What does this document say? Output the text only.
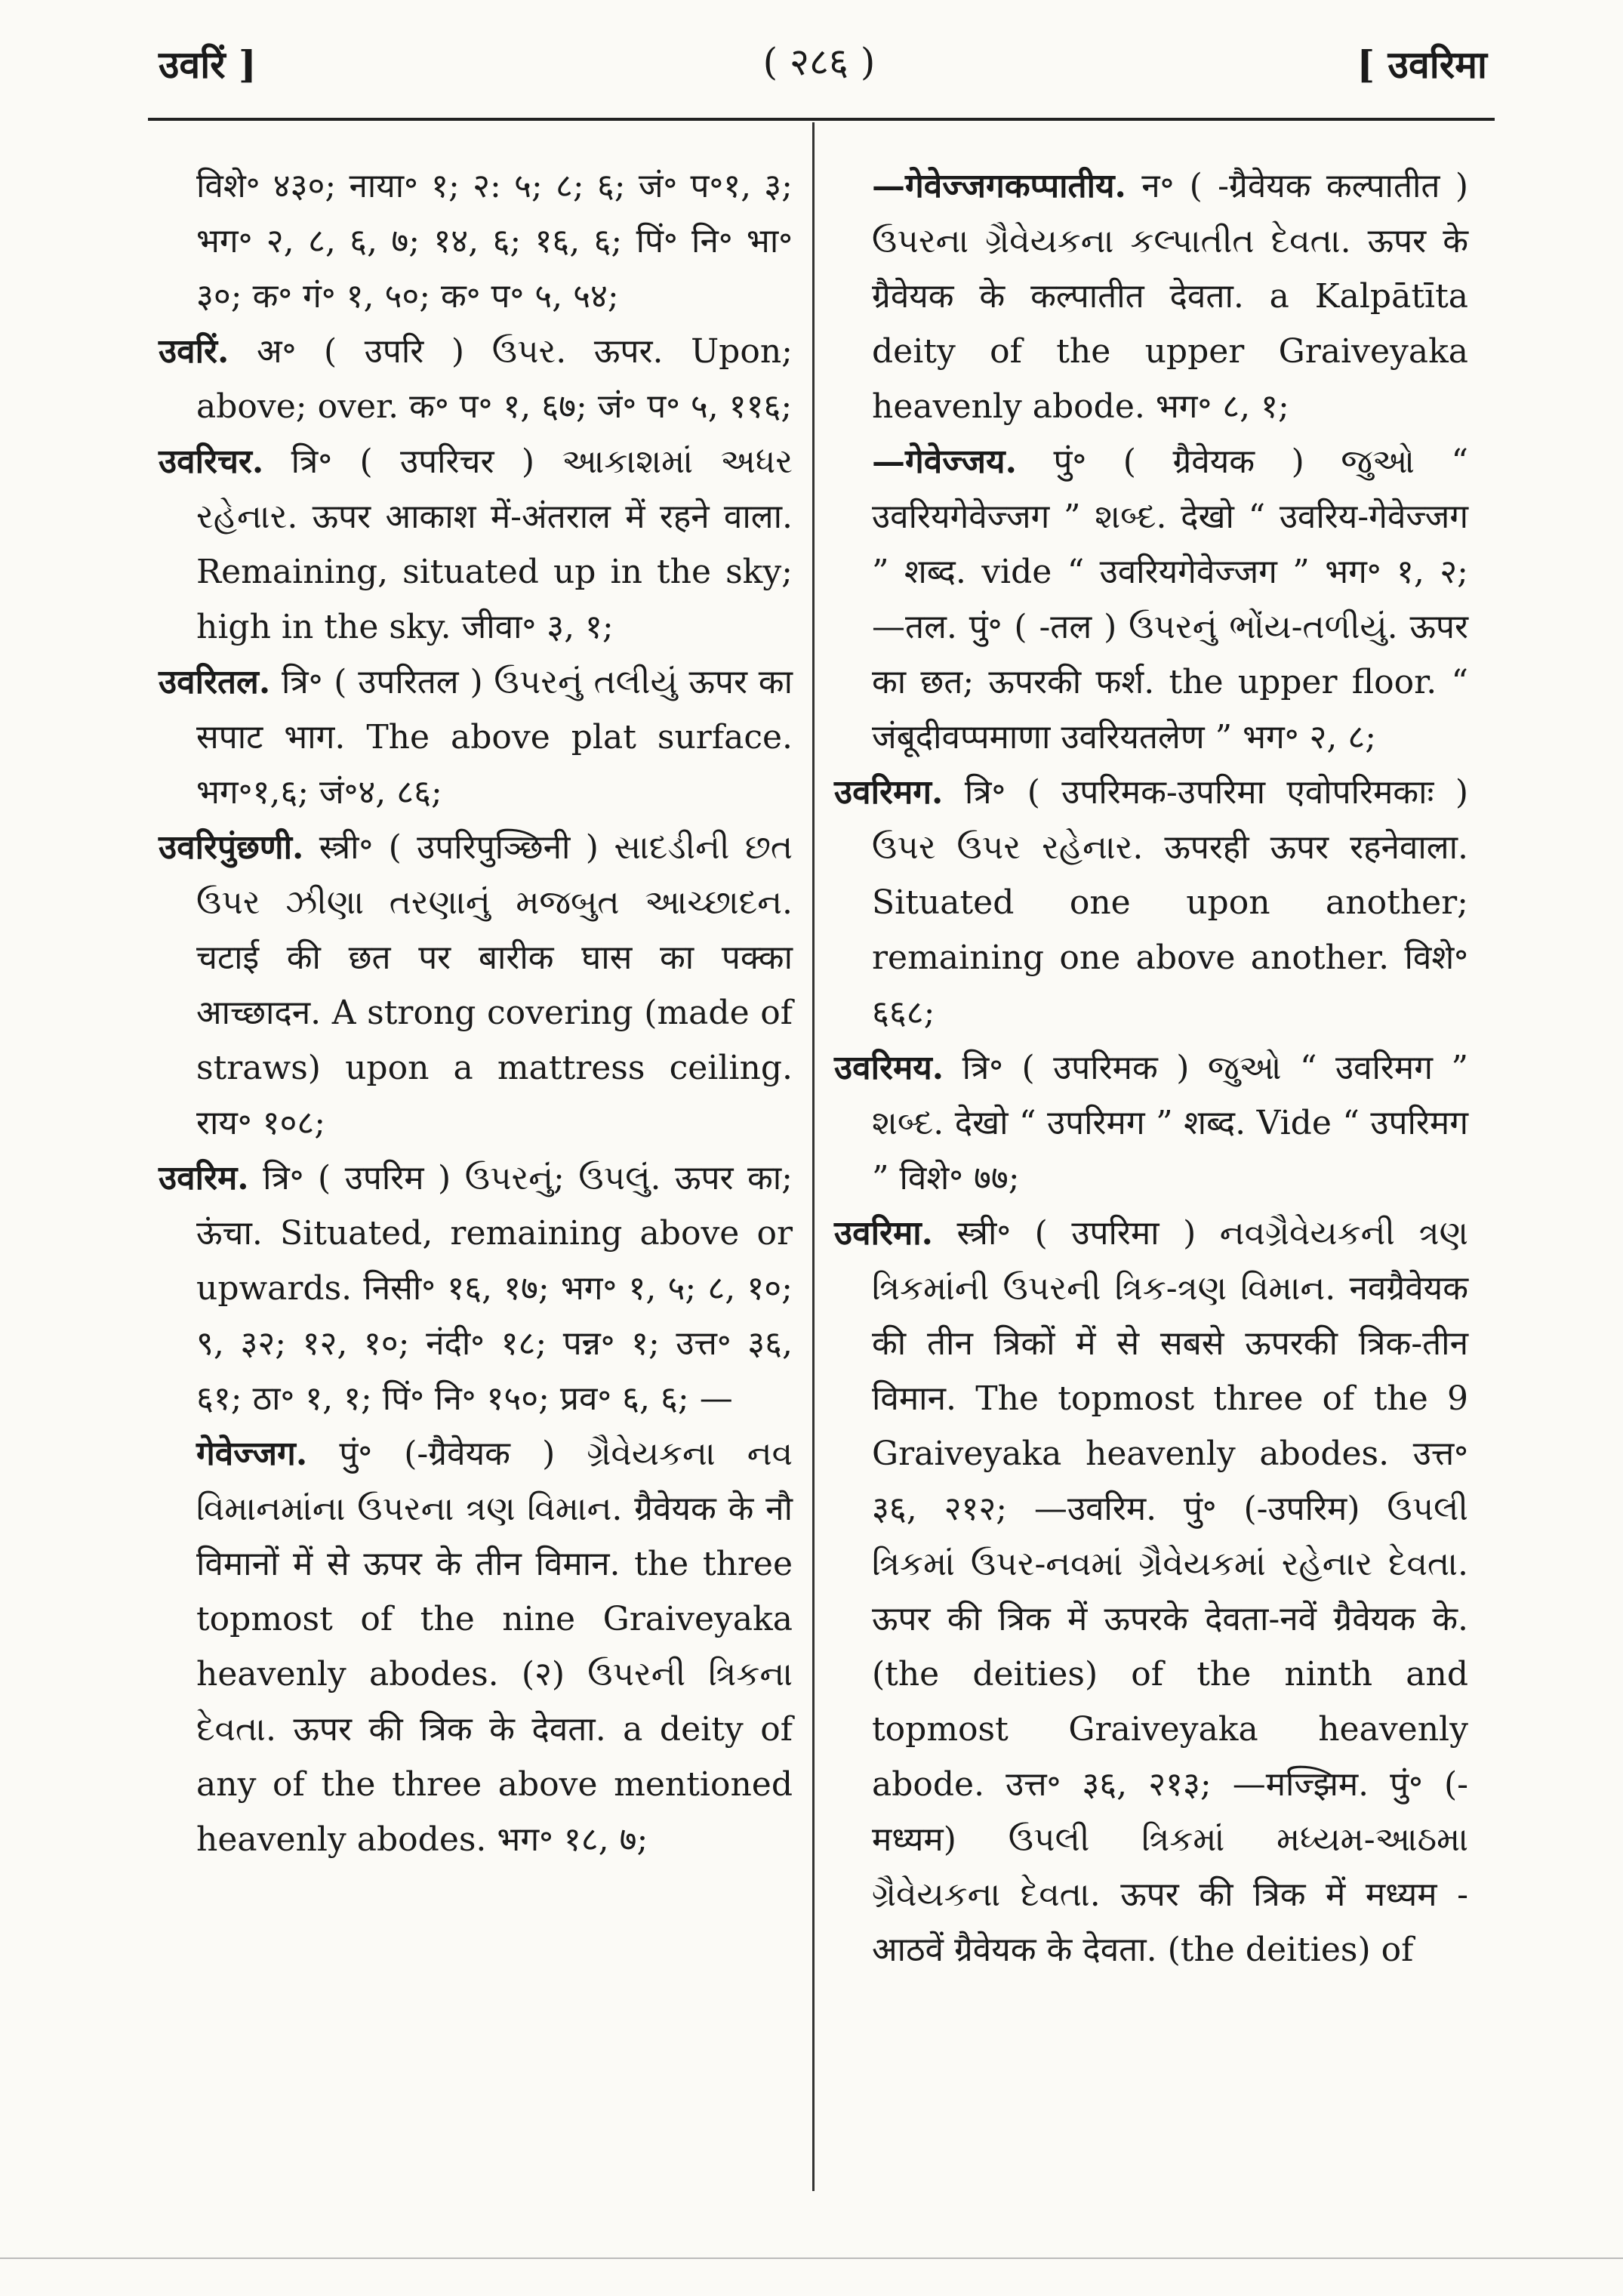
उवरिं ]	( २८६ )	[ उवरिमा

विशे॰ ४३०; नाया॰ १; २: ५; ८; ६; जं॰ प॰१, ३; भग॰ २, ८, ६, ७; १४, ६; १६, ६; पिं॰ नि॰ भा॰ ३०; क॰ गं॰ १, ५०; क॰ प॰ ५, ५४;

उवरिं. अ॰ ( उपरि ) ઉપર. ऊपर. Upon; above; over. क॰ प॰ १, ६७; जं॰ प॰ ५, ११६;

उवरिचर. त्रि॰ ( उपरिचर ) આકાશમાં અધર રહેનાર. ऊपर आकाश में-अंतराल में रहने वाला. Remaining, situated up in the sky; high in the sky. जीवा॰ ३, १;

उवरितल. त्रि॰ ( उपरितल ) ઉપરનું તલીયું ऊपर का सपाट भाग. The above plat surface. भग॰१,६; जं॰४, ८६;

उवरिपुंछणी. स्त्री॰ ( उपरिपुञ्छिनी ) સાદડીની છત ઉપર ઝીણા તરણાનું મજબુત આચ્છાદન. चटाई की छत पर बारीक घास का पक्का आच्छादन. A strong covering (made of straws) upon a mattress ceiling. राय॰ १०८;

उवरिम. त्रि॰ ( उपरिम ) ઉપરનું; ઉપલું. ऊपर का; ऊंचा. Situated, remaining above or upwards. निसी॰ १६, १७; भग॰ १, ५; ८, १०; ९, ३२; १२, १०; नंदी॰ १८; पन्न॰ १; उत्त॰ ३६, ६१; ठा॰ १, १; पिं॰ नि॰ १५०; प्रव॰ ६, ६; —

गेवेज्जग. पुं॰ (-ग्रैवेयक ) ગ્રૈવેયકના નવ વિમાનમાંના ઉપરના ત્રણ વિમાન. ग्रैवेयक के नौ विमानों में से ऊपर के तीन विमान. the three topmost of the nine Graiveyaka heavenly abodes. (२) ઉપરની ત્રિકના દેવતા. ऊपर की त्रिक के देवता. a deity of any of the three above mentioned heavenly abodes. भग॰ १८, ७;

—गेवेज्जगकप्पातीय. न॰ ( -ग्रैवेयक कल्पातीत ) ઉપરના ગ્રૈવેયકના કલ્પાતીત દેવતા. ऊपर के ग्रैवेयक के कल्पातीत देवता. a Kalpātīta deity of the upper Graiveyaka heavenly abode. भग॰ ८, १;

—गेवेज्जय. पुं॰ ( ग्रैवेयक ) જુઓ “ उवरियगेवेज्जग ” શબ્દ. देखो “ उवरिय-गेवेज्जग ” शब्द. vide “ उवरियगेवेज्जग ” भग॰ १, २; —तल. पुं॰ ( -तल ) ઉપરનું ભોંય-તળીયું. ऊपर का छत; ऊपरकी फर्श. the upper floor. “ जंबूदीवप्पमाणा उवरियतलेण ” भग॰ २, ८;

उवरिमग. त्रि॰ ( उपरिमक-उपरिमा एवोपरिमकाः ) ઉપર ઉપર રહેનાર. ऊपरही ऊपर रहनेवाला. Situated one upon another; remaining one above another. विशे॰ ६६८;

उवरिमय. त्रि॰ ( उपरिमक ) જુઓ “ उवरिमग ” શબ્દ. देखो “ उपरिमग ” शब्द. Vide “ उपरिमग ” विशे॰ ७७;

उवरिमा. स्त्री॰ ( उपरिमा ) નવગ્રૈવેયકની ત્રણ ત્રિકમાંની ઉપરની ત્રિક-ત્રણ વિમાન. नवग्रैवेयक की तीन त्रिकों में से सबसे ऊपरकी त्रिक-तीन विमान. The topmost three of the 9 Graiveyaka heavenly abodes. उत्त॰ ३६, २१२; —उवरिम. पुं॰ (-उपरिम) ઉપલી ત્રિકમાં ઉપર-નવમાં ગ્રૈવેયકમાં રહેનાર દેવતા. ऊपर की त्रिक में ऊपरके देवता-नवें ग्रैवेयक के. (the deities) of the ninth and topmost Graiveyaka heavenly abode. उत्त॰ ३६, २१३; —मज्झिम. पुं॰ (-मध्यम) ઉપલી ત્રિકમાં મધ્યમ-આઠમા ગ્રૈવેયકના દેવતા. ऊपर की त्रिक में मध्यम - आठवें ग्रैवेयक के देवता. (the deities) of
